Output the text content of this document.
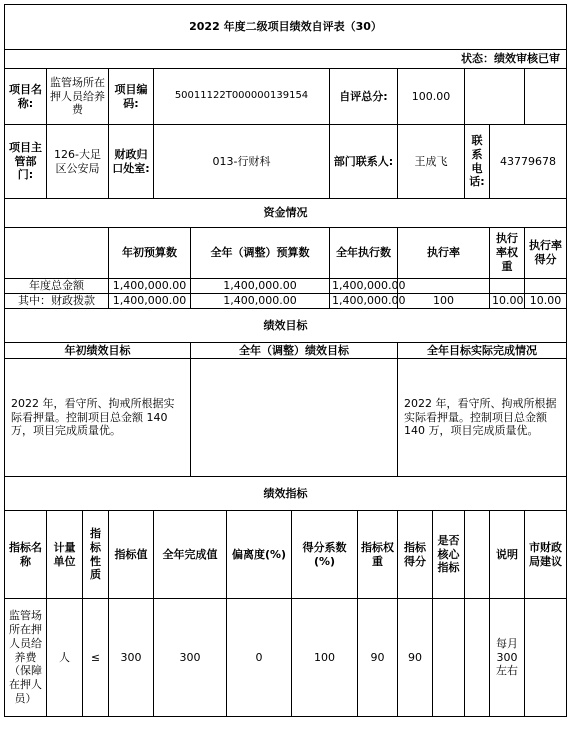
2022 年度二级项目绩效自评表（30）														
状态：绩效审核已审														
项目名称:	监管场所在押人员给养费		项目编码:	50011122T000000139154				自评总分:		100.00				
项目主管部门:	126-大足区公安局		财政归口处室:	013-行财科				部门联系人:		王成飞		联系电话:	43779678	
资金情况														
			年初预算数		全年（调整）预算数			全年执行数		执行率			执行率权重	执行率得分
年度总金额			1,400,000.00		1,400,000.00			1,400,000.00						
其中：财政拨款			1,400,000.00		1,400,000.00			1,400,000.00		100			10.00	10.00
绩效目标														
年初绩效目标					全年（调整）绩效目标					全年目标实际完成情况				
2022 年，看守所、拘戒所根据实际看押量。控制项目总金额 140 万，项目完成质量优。										2022 年，看守所、拘戒所根据实际看押量。控制项目总金额 140 万，项目完成质量优。				
绩效指标														
指标名称	计量单位	指标性质	指标值	全年完成值		偏离度(%)	得分系数(%)		指标权重	指标得分	是否核心指标		说明	市财政局建议
监管场所在押人员给养费（保障在押人员）	人	≤	300	300		0	100		90	90			每月300左右	
